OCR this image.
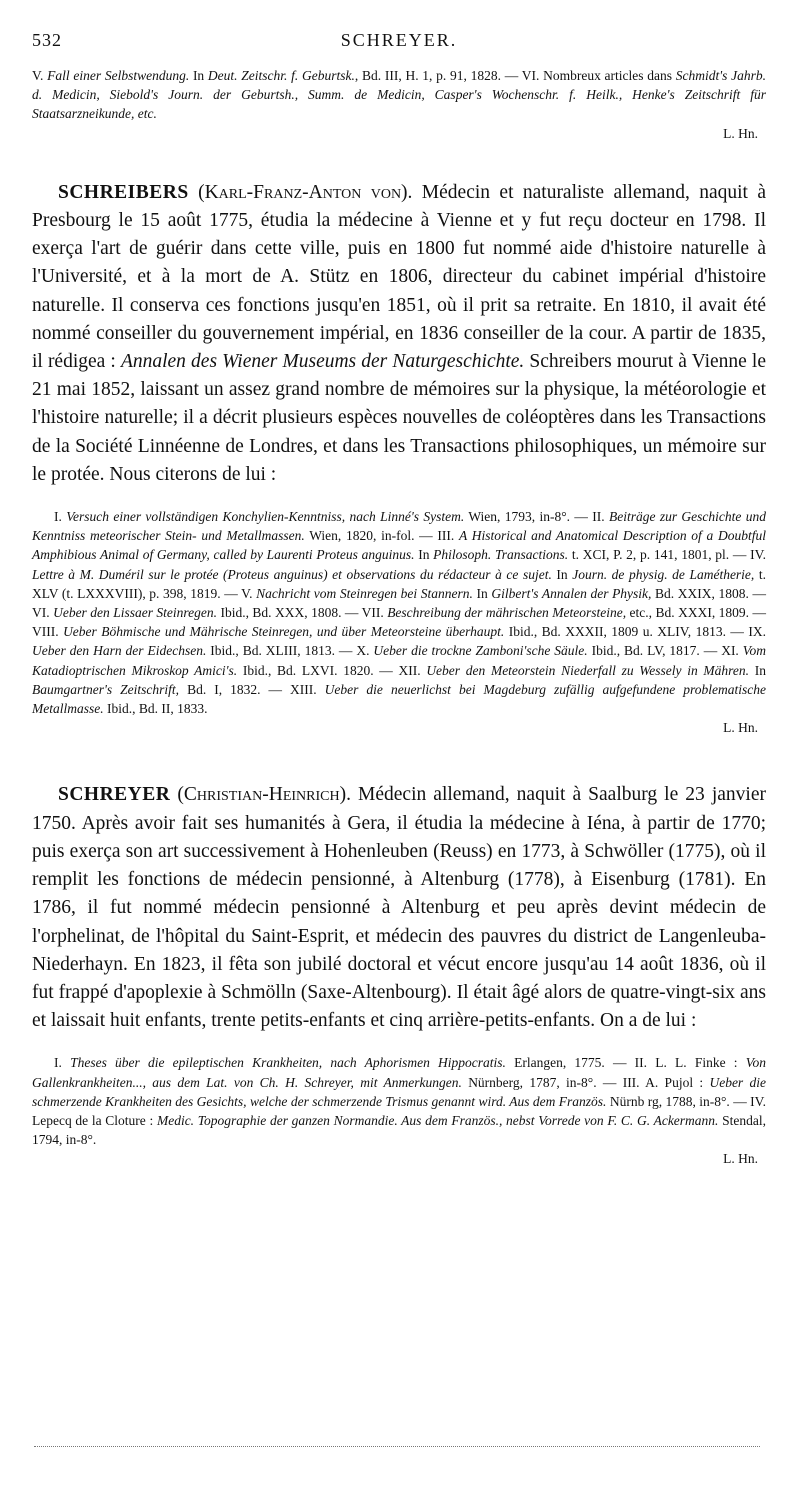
532	SCHREYER.
V. Fall einer Selbstwendung. In Deut. Zeitschr. f. Geburtsk., Bd. III, H. 1, p. 91, 1828. — VI. Nombreux articles dans Schmidt's Jahrb. d. Medicin, Siebold's Journ. der Geburtsh., Summ. de Medicin, Casper's Wochenschr. f. Heilk., Henke's Zeitschrift für Staatsarzneikunde, etc.
L. Hn.
SCHREIBERS (Karl-Franz-Anton von). Médecin et naturaliste allemand, naquit à Presbourg le 15 août 1775, étudia la médecine à Vienne et y fut reçu docteur en 1798. Il exerça l'art de guérir dans cette ville, puis en 1800 fut nommé aide d'histoire naturelle à l'Université, et à la mort de A. Stütz en 1806, directeur du cabinet impérial d'histoire naturelle. Il conserva ces fonctions jusqu'en 1851, où il prit sa retraite. En 1810, il avait été nommé conseiller du gouvernement impérial, en 1836 conseiller de la cour. A partir de 1835, il rédigea : Annalen des Wiener Museums der Naturgeschichte. Schreibers mourut à Vienne le 21 mai 1852, laissant un assez grand nombre de mémoires sur la physique, la météorologie et l'histoire naturelle; il a décrit plusieurs espèces nouvelles de coléoptères dans les Transactions de la Société Linnéenne de Londres, et dans les Transactions philosophiques, un mémoire sur le protée. Nous citerons de lui :
I. Versuch einer vollständigen Konchylien-Kenntniss, nach Linné's System. Wien, 1793, in-8°. — II. Beiträge zur Geschichte und Kenntniss meteorischer Stein- und Metallmassen. Wien, 1820, in-fol. — III. A Historical and Anatomical Description of a Doubtful Amphibious Animal of Germany, called by Laurenti Proteus anguinus. In Philosoph. Transactions. t. XCI, P. 2, p. 141, 1801, pl. — IV. Lettre à M. Duméril sur le protée (Proteus anguinus) et observations du rédacteur à ce sujet. In Journ. de physig. de Lamétherie, t. XLV (t. LXXXVIII), p. 398, 1819. — V. Nachricht vom Steinregen bei Stannern. In Gilbert's Annalen der Physik, Bd. XXIX, 1808. — VI. Ueber den Lissaer Steinregen. Ibid., Bd. XXX, 1808. — VII. Beschreibung der mährischen Meteorsteine, etc., Bd. XXXI, 1809. — VIII. Ueber Böhmische und Mährische Steinregen, und über Meteorsteine überhaupt. Ibid., Bd. XXXII, 1809 u. XLIV, 1813. — IX. Ueber den Harn der Eidechsen. Ibid., Bd. XLIII, 1813. — X. Ueber die trockne Zamboni'sche Säule. Ibid., Bd. LV, 1817. — XI. Vom Katadioptrischen Mikroskop Amici's. Ibid., Bd. LXVI. 1820. — XII. Ueber den Meteorstein Niederfall zu Wessely in Mähren. In Baumgartner's Zeitschrift, Bd. I, 1832. — XIII. Ueber die neuerlichst bei Magdeburg zufällig aufgefundene problematische Metallmasse. Ibid., Bd. II, 1833.
L. Hn.
SCHREYER (Christian-Heinrich). Médecin allemand, naquit à Saalburg le 23 janvier 1750. Après avoir fait ses humanités à Gera, il étudia la médecine à Iéna, à partir de 1770; puis exerça son art successivement à Hohenleuben (Reuss) en 1773, à Schwöller (1775), où il remplit les fonctions de médecin pensionné, à Altenburg (1778), à Eisenburg (1781). En 1786, il fut nommé médecin pensionné à Altenburg et peu après devint médecin de l'orphelinat, de l'hôpital du Saint-Esprit, et médecin des pauvres du district de Langenleuba-Niederhayn. En 1823, il fêta son jubilé doctoral et vécut encore jusqu'au 14 août 1836, où il fut frappé d'apoplexie à Schmölln (Saxe-Altenbourg). Il était âgé alors de quatre-vingt-six ans et laissait huit enfants, trente petits-enfants et cinq arrière-petits-enfants. On a de lui :
I. Theses über die epileptischen Krankheiten, nach Aphorismen Hippocratis. Erlangen, 1775. — II. L. L. Finke : Von Gallenkrankheiten..., aus dem Lat. von Ch. H. Schreyer, mit Anmerkungen. Nürnberg, 1787, in-8°. — III. A. Pujol : Ueber die schmerzende Krankheiten des Gesichts, welche der schmerzende Trismus genannt wird. Aus dem Französ. Nürnb rg, 1788, in-8°. — IV. Lepecq de la Cloture : Medic. Topographie der ganzen Normandie. Aus dem Französ., nebst Vorrede von F. C. G. Ackermann. Stendal, 1794, in-8°.
L. Hn.
